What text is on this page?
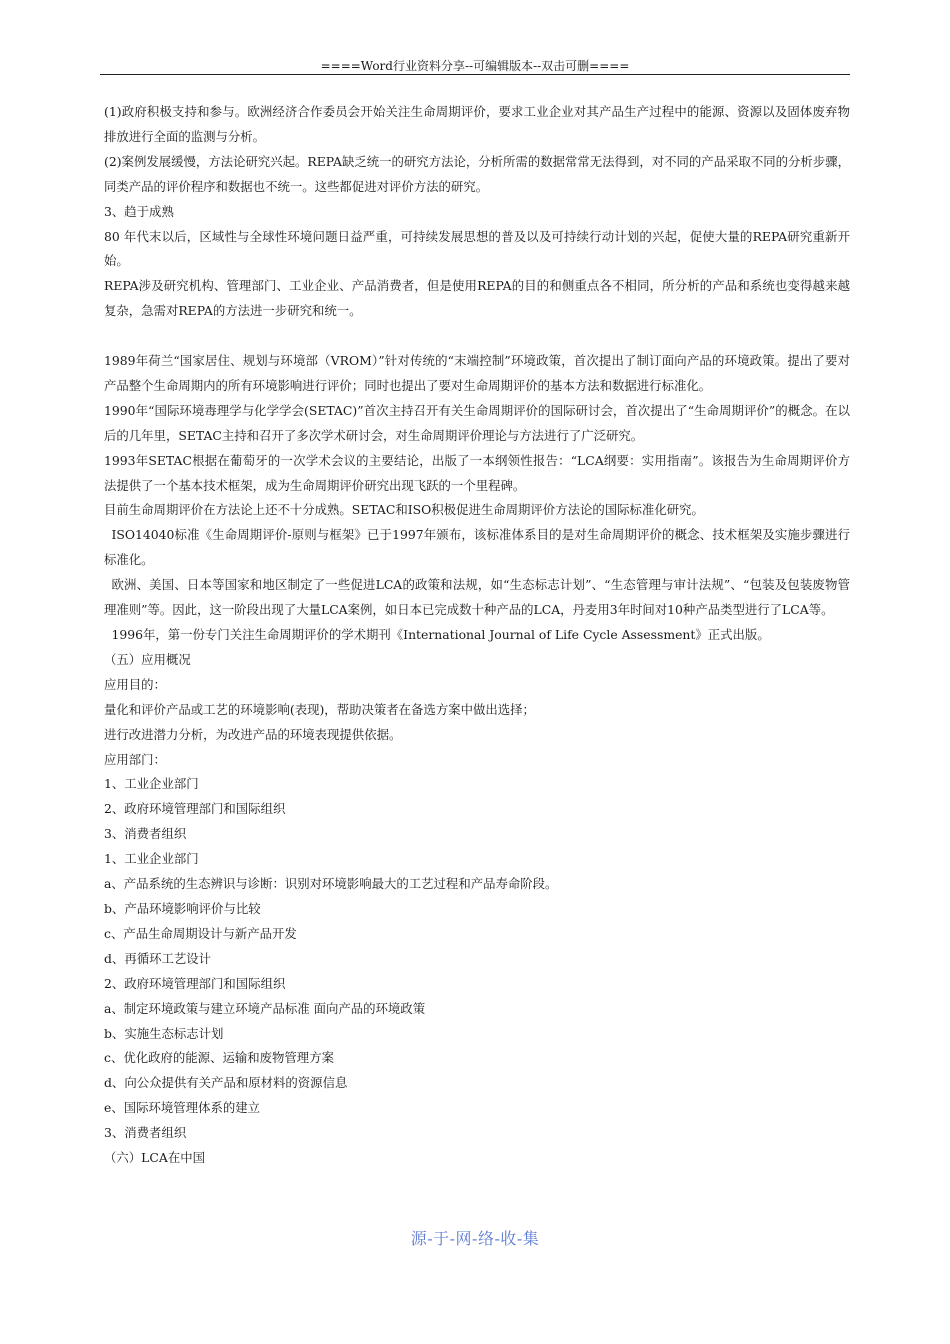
====Word行业资料分享--可编辑版本--双击可删====

(1)政府积极支持和参与。欧洲经济合作委员会开始关注生命周期评价，要求工业企业对其产品生产过程中的能源、资源以及固体废弃物排放进行全面的监测与分析。

(2)案例发展缓慢，方法论研究兴起。REPA缺乏统一的研究方法论，分析所需的数据常常无法得到，对不同的产品采取不同的分析步骤，同类产品的评价程序和数据也不统一。这些都促进对评价方法的研究。

3、趋于成熟

80 年代末以后，区域性与全球性环境问题日益严重，可持续发展思想的普及以及可持续行动计划的兴起，促使大量的REPA研究重新开始。

REPA涉及研究机构、管理部门、工业企业、产品消费者，但是使用REPA的目的和侧重点各不相同，所分析的产品和系统也变得越来越复杂，急需对REPA的方法进一步研究和统一。

1989年荷兰“国家居住、规划与环境部（VROM）”针对传统的“末端控制”环境政策，首次提出了制订面向产品的环境政策。提出了要对产品整个生命周期内的所有环境影响进行评价；同时也提出了要对生命周期评价的基本方法和数据进行标准化。

1990年“国际环境毒理学与化学学会(SETAC)”首次主持召开有关生命周期评价的国际研讨会，首次提出了“生命周期评价”的概念。在以后的几年里，SETAC主持和召开了多次学术研讨会，对生命周期评价理论与方法进行了广泛研究。

1993年SETAC根据在葡萄牙的一次学术会议的主要结论，出版了一本纲领性报告：“LCA纲要：实用指南”。该报告为生命周期评价方法提供了一个基本技术框架，成为生命周期评价研究出现飞跃的一个里程碑。

目前生命周期评价在方法论上还不十分成熟。SETAC和ISO积极促进生命周期评价方法论的国际标准化研究。

ISO14040标准《生命周期评价-原则与框架》已于1997年颁布，该标准体系目的是对生命周期评价的概念、技术框架及实施步骤进行标准化。

欧洲、美国、日本等国家和地区制定了一些促进LCA的政策和法规，如“生态标志计划”、“生态管理与审计法规”、“包装及包装废物管理准则”等。因此，这一阶段出现了大量LCA案例，如日本已完成数十种产品的LCA，丹麦用3年时间对10种产品类型进行了LCA等。

1996年，第一份专门关注生命周期评价的学术期刊《International Journal of Life Cycle Assessment》正式出版。

（五）应用概况

应用目的：

量化和评价产品或工艺的环境影响(表现)，帮助决策者在备选方案中做出选择；

进行改进潜力分析，为改进产品的环境表现提供依据。

应用部门：

1、工业企业部门

2、政府环境管理部门和国际组织

3、消费者组织

1、工业企业部门

a、产品系统的生态辨识与诊断：识别对环境影响最大的工艺过程和产品寿命阶段。

b、产品环境影响评价与比较

c、产品生命周期设计与新产品开发

d、再循环工艺设计

2、政府环境管理部门和国际组织

a、制定环境政策与建立环境产品标准 面向产品的环境政策

b、实施生态标志计划

c、优化政府的能源、运输和废物管理方案

d、向公众提供有关产品和原材料的资源信息

e、国际环境管理体系的建立

3、消费者组织

（六）LCA在中国

源-于-网-络-收-集
